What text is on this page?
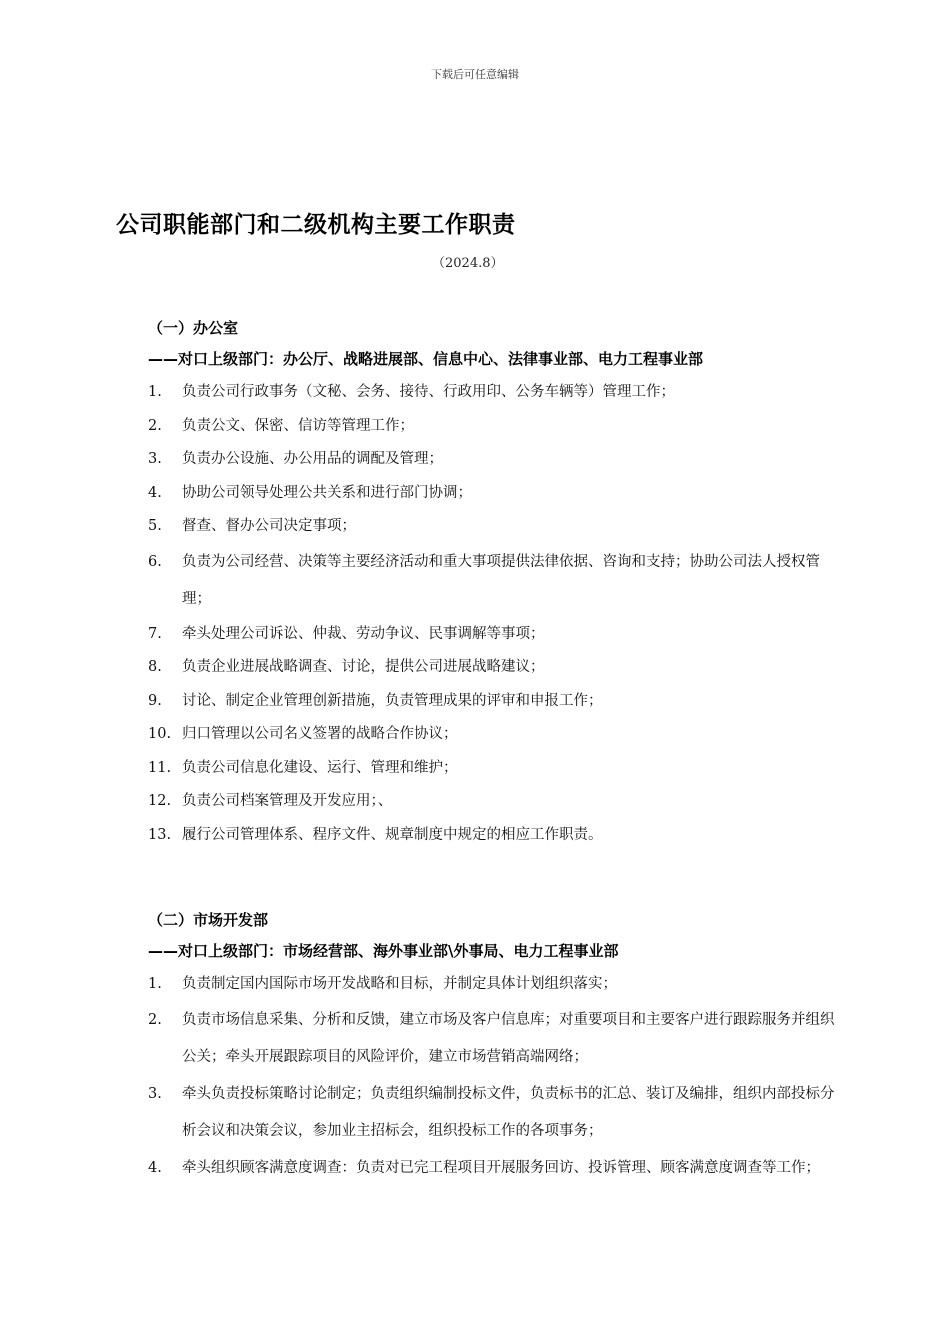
下载后可任意编辑
公司职能部门和二级机构主要工作职责
（2024.8）
（一）办公室
——对口上级部门：办公厅、战略进展部、信息中心、法律事业部、电力工程事业部
1.	负责公司行政事务（文秘、会务、接待、行政用印、公务车辆等）管理工作；
2.	负责公文、保密、信访等管理工作；
3.	负责办公设施、办公用品的调配及管理；
4.	协助公司领导处理公共关系和进行部门协调；
5.	督查、督办公司决定事项；
6.	负责为公司经营、决策等主要经济活动和重大事项提供法律依据、咨询和支持；协助公司法人授权管理；
7.	牵头处理公司诉讼、仲裁、劳动争议、民事调解等事项；
8.	负责企业进展战略调查、讨论，提供公司进展战略建议；
9.	讨论、制定企业管理创新措施，负责管理成果的评审和申报工作；
10. 归口管理以公司名义签署的战略合作协议；
11. 负责公司信息化建设、运行、管理和维护；
12. 负责公司档案管理及开发应用；、
13. 履行公司管理体系、程序文件、规章制度中规定的相应工作职责。
（二）市场开发部
——对口上级部门：市场经营部、海外事业部\外事局、电力工程事业部
1.	负责制定国内国际市场开发战略和目标，并制定具体计划组织落实；
2.	负责市场信息采集、分析和反馈，建立市场及客户信息库；对重要项目和主要客户进行跟踪服务并组织公关；牵头开展跟踪项目的风险评价，建立市场营销高端网络；
3.	牵头负责投标策略讨论制定；负责组织编制投标文件，负责标书的汇总、装订及编排，组织内部投标分析会议和决策会议，参加业主招标会，组织投标工作的各项事务；
4.	牵头组织顾客满意度调查：负责对已完工程项目开展服务回访、投诉管理、顾客满意度调查等工作；
